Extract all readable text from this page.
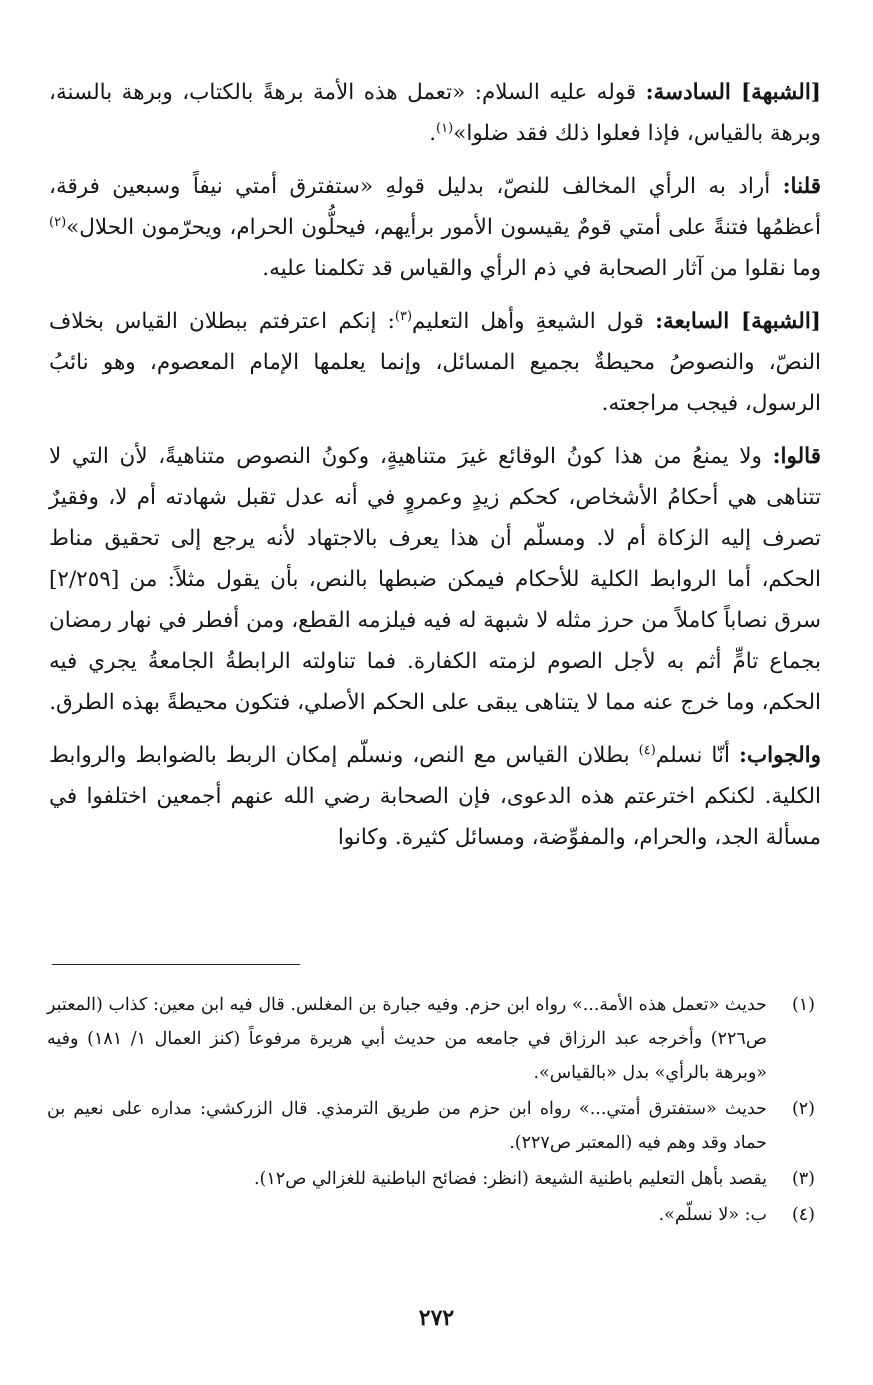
[الشبهة] السادسة: قوله عليه السلام: «تعمل هذه الأمة برهةً بالكتاب، وبرهة بالسنة، وبرهة بالقياس، فإذا فعلوا ذلك فقد ضلوا»$^{(١)}$.

قلنا: أراد به الرأي المخالف للنصّ، بدليل قولهِ «ستفترق أمتي نيفاً وسبعين فرقة، أعظمُها فتنةً على أمتي قومٌ يقيسون الأمور برأيهم، فيحلُّون الحرام، ويحرّمون الحلال»$^{(٢)}$ وما نقلوا من آثار الصحابة في ذم الرأي والقياس قد تكلمنا عليه.

[الشبهة] السابعة: قول الشيعةِ وأهل التعليم$^{(٣)}$: إنكم اعترفتم ببطلان القياس بخلاف النصّ، والنصوصُ محيطةٌ بجميع المسائل، وإنما يعلمها الإمام المعصوم، وهو نائبُ الرسول، فيجب مراجعته.

قالوا: ولا يمنعُ من هذا كونُ الوقائع غيرَ متناهيةٍ، وكونُ النصوص متناهيةً، لأن التي لا تتناهى هي أحكامُ الأشخاص، كحكم زيدٍ وعمروٍ في أنه عدل تقبل شهادته أم لا، وفقيرٌ تصرف إليه الزكاة أم لا. ومسلّم أن هذا يعرف بالاجتهاد لأنه يرجع إلى تحقيق مناط الحكم، أما الروابط الكلية للأحكام فيمكن ضبطها بالنص، بأن يقول مثلاً: من [٢/٢٥٩] سرق نصاباً كاملاً من حرز مثله لا شبهة له فيه فيلزمه القطع، ومن أفطر في نهار رمضان بجماع تامٍّ أثم به لأجل الصوم لزمته الكفارة. فما تناولته الرابطةُ الجامعةُ يجري فيه الحكم، وما خرج عنه مما لا يتناهى يبقى على الحكم الأصلي، فتكون محيطةً بهذه الطرق.

والجواب: أنّا نسلم$^{(٤)}$ بطلان القياس مع النص، ونسلّم إمكان الربط بالضوابط والروابط الكلية. لكنكم اخترعتم هذه الدعوى، فإن الصحابة رضي الله عنهم أجمعين اختلفوا في مسألة الجد، والحرام، والمفوِّضة، ومسائل كثيرة. وكانوا

(١)
حديث «تعمل هذه الأمة...» رواه ابن حزم. وفيه جبارة بن المغلس. قال فيه ابن معين: كذاب (المعتبر ص٢٢٦) وأخرجه عبد الرزاق في جامعه من حديث أبي هريرة مرفوعاً (كنز العمال ١/ ١٨١) وفيه «وبرهة بالرأي» بدل «بالقياس».
(٢)
حديث «ستفترق أمتي...» رواه ابن حزم من طريق الترمذي. قال الزركشي: مداره على نعيم بن حماد وقد وهم فيه (المعتبر ص٢٢٧).
(٣)
يقصد بأهل التعليم باطنية الشيعة (انظر: فضائح الباطنية للغزالي ص١٢).
(٤)
ب: «لا نسلّم».
٢٧٢
